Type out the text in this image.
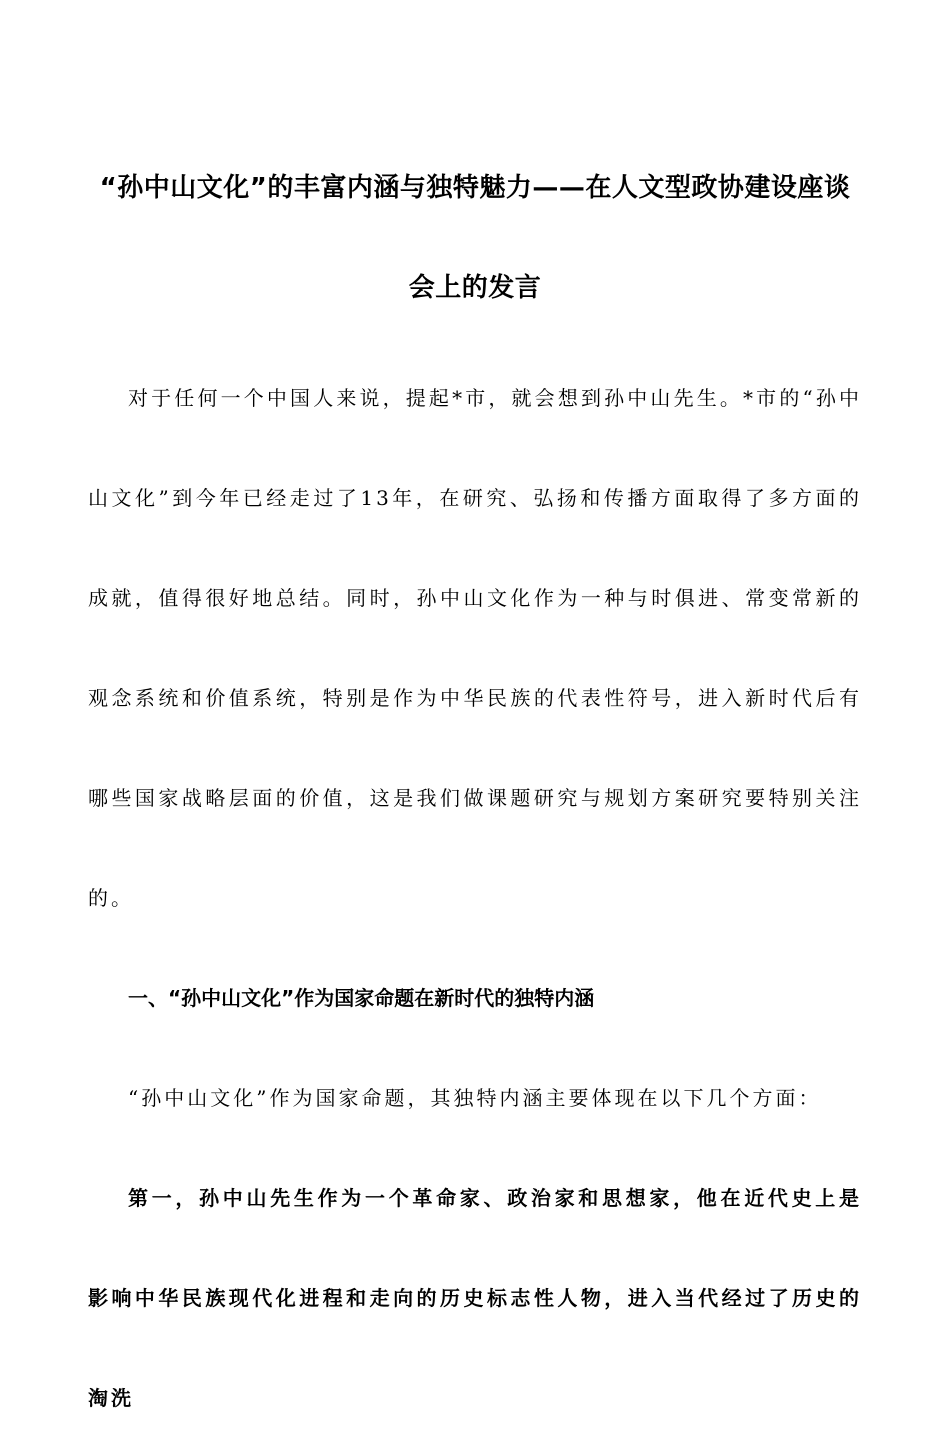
“孙中山文化”的丰富内涵与独特魅力——在人文型政协建设座谈会上的发言

对于任何一个中国人来说，提起*市，就会想到孙中山先生。*市的“孙中山文化”到今年已经走过了13年，在研究、弘扬和传播方面取得了多方面的成就，值得很好地总结。同时，孙中山文化作为一种与时俱进、常变常新的观念系统和价值系统，特别是作为中华民族的代表性符号，进入新时代后有哪些国家战略层面的价值，这是我们做课题研究与规划方案研究要特别关注的。

一、“孙中山文化”作为国家命题在新时代的独特内涵

“孙中山文化”作为国家命题，其独特内涵主要体现在以下几个方面：

第一，孙中山先生作为一个革命家、政治家和思想家，他在近代史上是影响中华民族现代化进程和走向的历史标志性人物，进入当代经过了历史的淘洗
